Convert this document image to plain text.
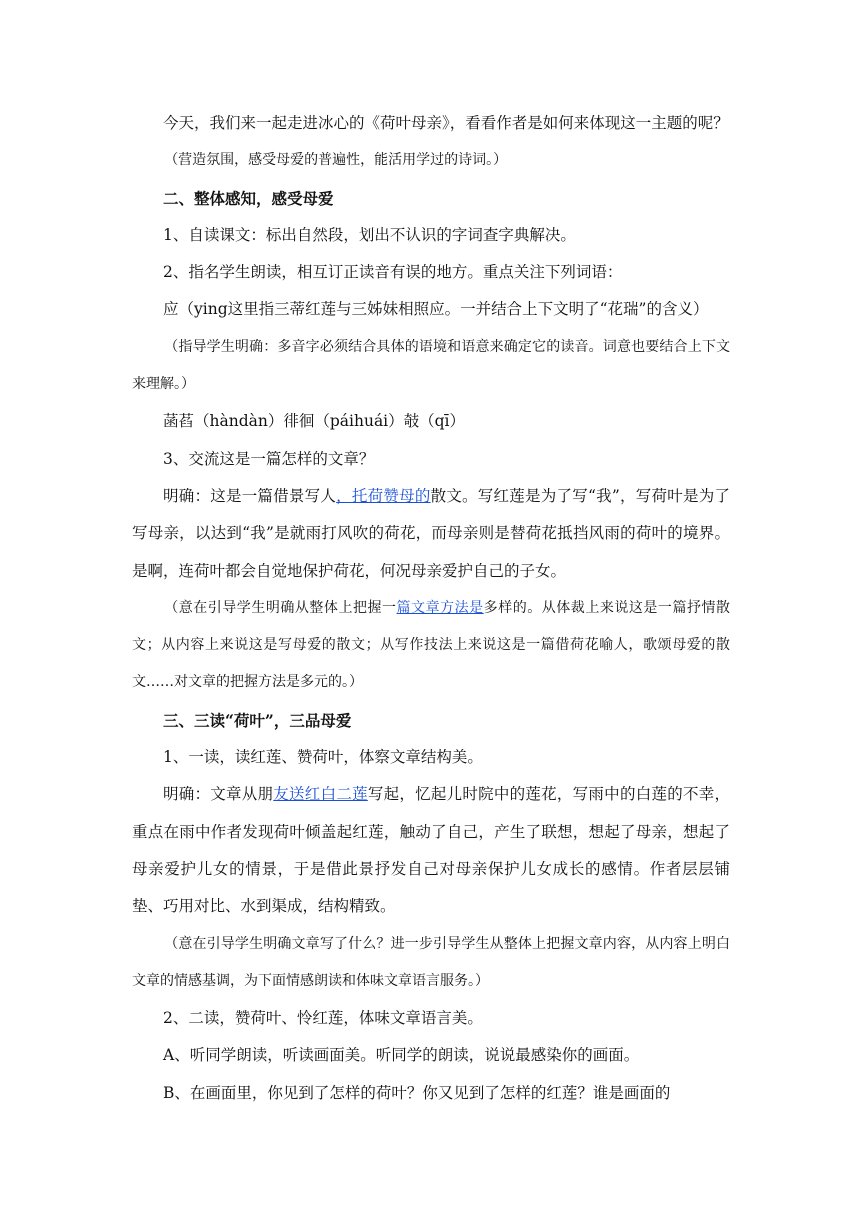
今天，我们来一起走进冰心的《荷叶母亲》，看看作者是如何来体现这一主题的呢？

（营造氛围，感受母爱的普遍性，能活用学过的诗词。）

二、整体感知，感受母爱

1、自读课文：标出自然段，划出不认识的字词查字典解决。

2、指名学生朗读，相互订正读音有误的地方。重点关注下列词语：

应（ying这里指三蒂红莲与三姊妹相照应。一并结合上下文明了“花瑞”的含义）

（指导学生明确：多音字必须结合具体的语境和语意来确定它的读音。词意也要结合上下文来理解。）

菡萏（hàndàn）徘徊（páihuái）攲（qī）

3、交流这是一篇怎样的文章？

明确：这是一篇借景写人，托荷赞母的散文。写红莲是为了写“我”，写荷叶是为了写母亲，以达到“我”是就雨打风吹的荷花，而母亲则是替荷花抵挡风雨的荷叶的境界。是啊，连荷叶都会自觉地保护荷花，何况母亲爱护自己的子女。

（意在引导学生明确从整体上把握一篇文章方法是多样的。从体裁上来说这是一篇抒情散文；从内容上来说这是写母爱的散文；从写作技法上来说这是一篇借荷花喻人，歌颂母爱的散文……对文章的把握方法是多元的。）

三、三读“荷叶”，三品母爱

1、一读，读红莲、赞荷叶，体察文章结构美。

明确：文章从朋友送红白二莲写起，忆起儿时院中的莲花，写雨中的白莲的不幸，重点在雨中作者发现荷叶倾盖起红莲，触动了自己，产生了联想，想起了母亲，想起了母亲爱护儿女的情景，于是借此景抒发自己对母亲保护儿女成长的感情。作者层层铺垫、巧用对比、水到渠成，结构精致。

（意在引导学生明确文章写了什么？进一步引导学生从整体上把握文章内容，从内容上明白文章的情感基调，为下面情感朗读和体味文章语言服务。）

2、二读，赞荷叶、怜红莲，体味文章语言美。

A、听同学朗读，听读画面美。听同学的朗读，说说最感染你的画面。

B、在画面里，你见到了怎样的荷叶？你又见到了怎样的红莲？谁是画面的
